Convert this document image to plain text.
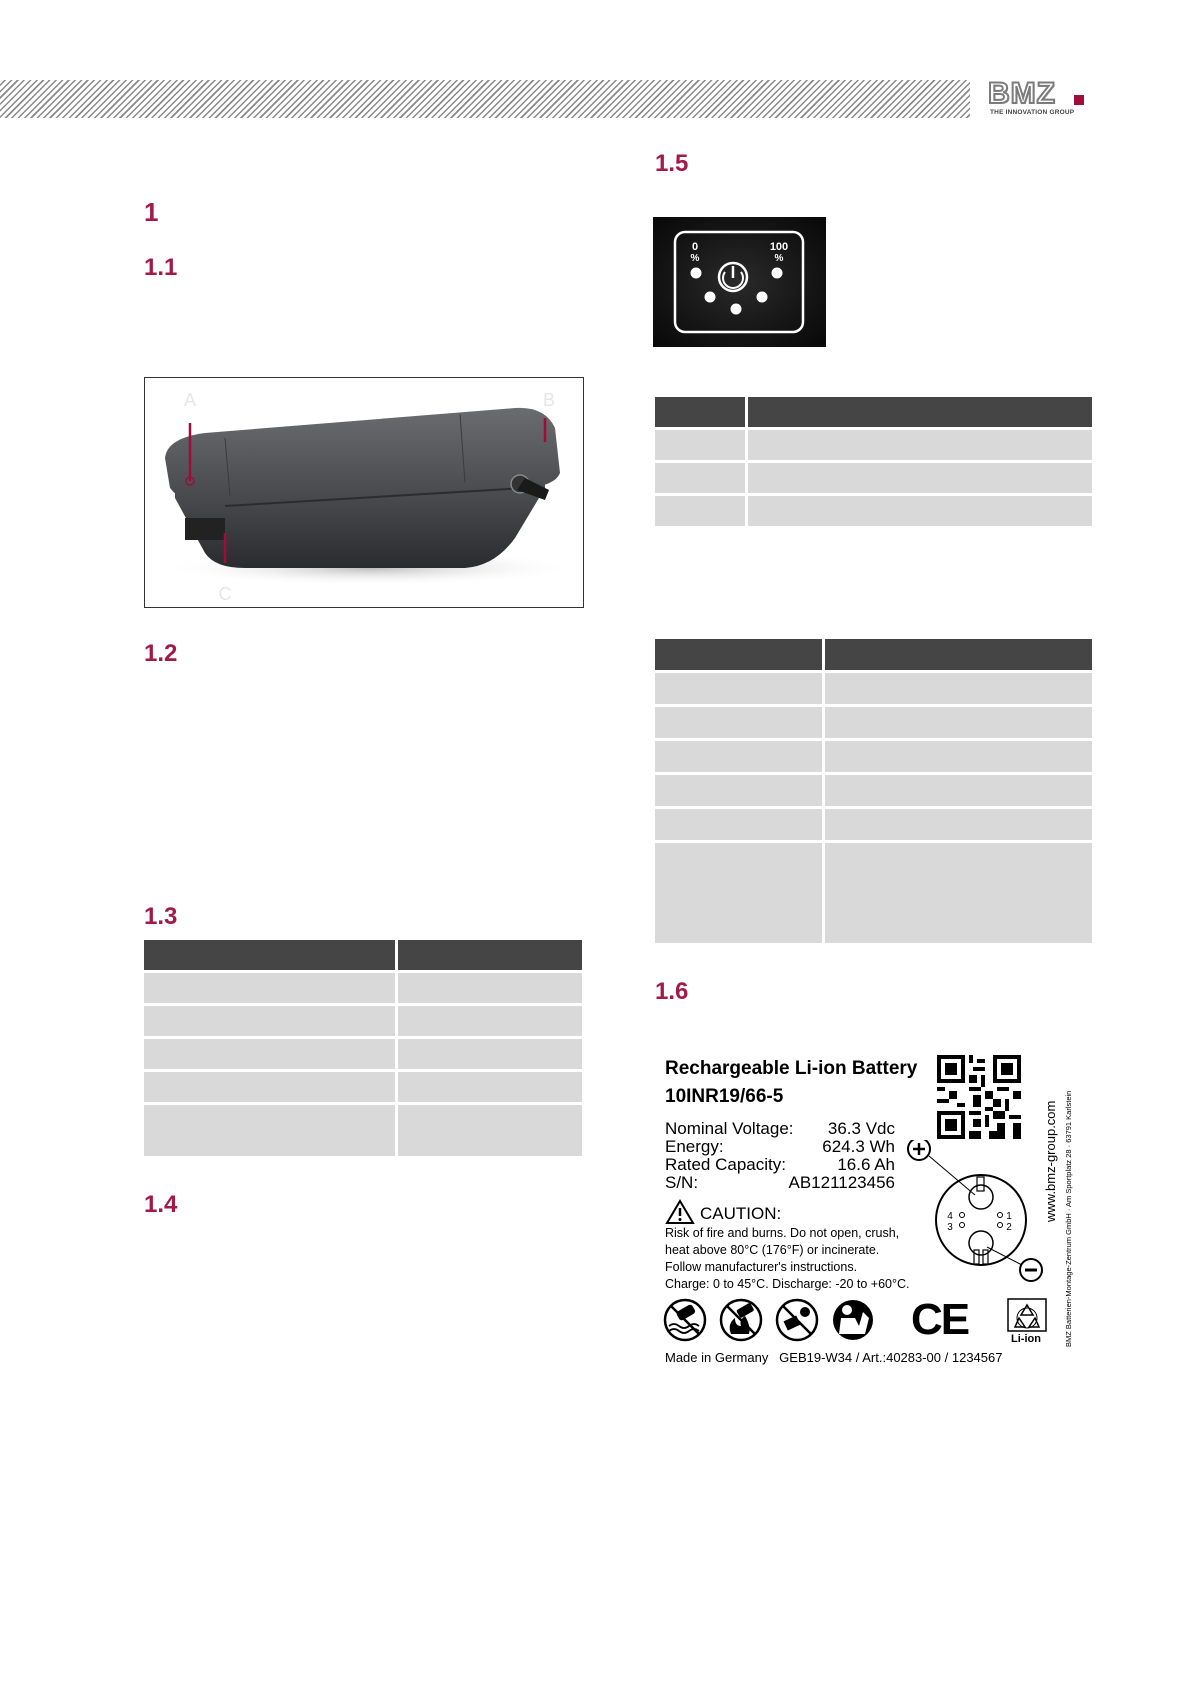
BMZ
THE INNOVATION GROUP
1
1.1
1.2
1.3
1.4
1.5
1.6
A	B
C

0
%
100
%

Rechargeable Li-ion Battery
10INR19/66-5
Nominal Voltage: 36.3 Vdc
Energy:	624.3 Wh
Rated Capacity:	16.6 Ah
S/N:	AB121123456
CAUTION:
Risk of fire and burns. Do not open, crush,
heat above 80°C (176°F) or incinerate.
Follow manufacturer's instructions.
Charge: 0 to 45°C. Discharge: -20 to +60°C.
4
3
1
2
www.bmz-group.com BMZ Batterien-Montage-Zentrum GmbH · Am Sportplatz 28 · 63791 Karlstein
CE	Li-ion
Made in Germany   GEB19-W34 / Art.:40283-00 / 1234567
